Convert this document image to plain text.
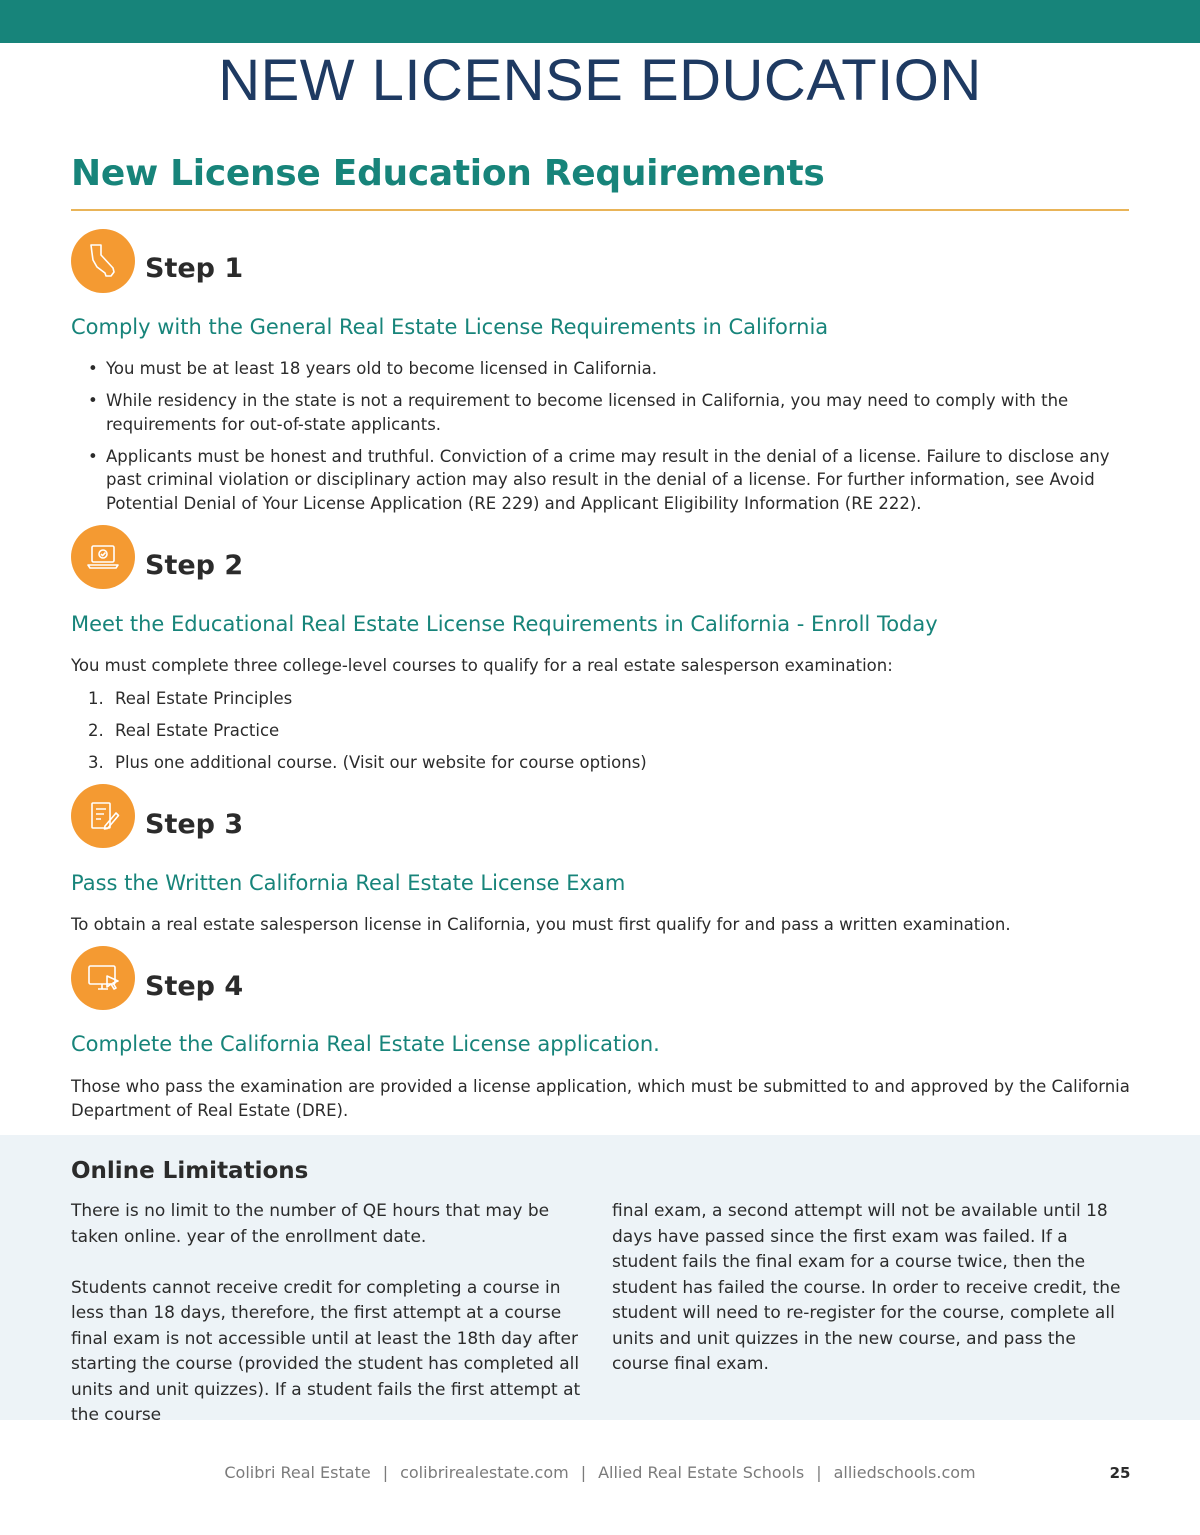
NEW LICENSE EDUCATION
New License Education Requirements
Step 1
Comply with the General Real Estate License Requirements in California
• You must be at least 18 years old to become licensed in California.
• While residency in the state is not a requirement to become licensed in California, you may need to comply with the requirements for out-of-state applicants.
• Applicants must be honest and truthful. Conviction of a crime may result in the denial of a license. Failure to disclose any past criminal violation or disciplinary action may also result in the denial of a license. For further information, see Avoid Potential Denial of Your License Application (RE 229) and Applicant Eligibility Information (RE 222).
Step 2
Meet the Educational Real Estate License Requirements in California - Enroll Today
You must complete three college-level courses to qualify for a real estate salesperson examination:
1. Real Estate Principles
2. Real Estate Practice
3. Plus one additional course. (Visit our website for course options)
Step 3
Pass the Written California Real Estate License Exam
To obtain a real estate salesperson license in California, you must first qualify for and pass a written examination.
Step 4
Complete the California Real Estate License application.
Those who pass the examination are provided a license application, which must be submitted to and approved by the California Department of Real Estate (DRE).
Online Limitations

There is no limit to the number of QE hours that may be taken online. year of the enrollment date.

Students cannot receive credit for completing a course in less than 18 days, therefore, the first attempt at a course final exam is not accessible until at least the 18th day after starting the course (provided the student has completed all units and unit quizzes). If a student fails the first attempt at the course

final exam, a second attempt will not be available until 18 days have passed since the first exam was failed. If a student fails the final exam for a course twice, then the student has failed the course. In order to receive credit, the student will need to re-register for the course, complete all units and unit quizzes in the new course, and pass the course final exam.

Colibri Real Estate | colibrirealestate.com | Allied Real Estate Schools | alliedschools.com	25
